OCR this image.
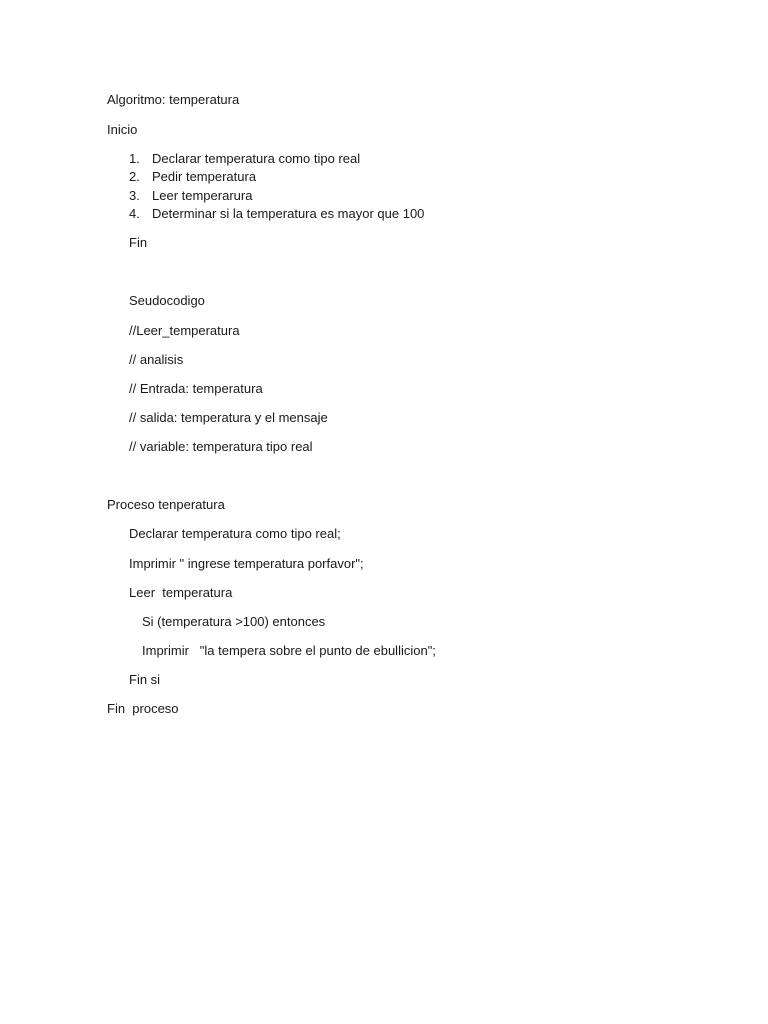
Algoritmo: temperatura

Inicio

1. Declarar temperatura como tipo real
2. Pedir temperatura
3. Leer temperarura
4. Determinar si la temperatura es mayor que 100

Fin

Seudocodigo

//Leer_temperatura

// analisis

// Entrada: temperatura

// salida: temperatura y el mensaje

// variable: temperatura tipo real

Proceso tenperatura

Declarar temperatura como tipo real;

Imprimir " ingrese temperatura porfavor";

Leer  temperatura

Si (temperatura >100) entonces

Imprimir   "la tempera sobre el punto de ebullicion";

Fin si

Fin  proceso
